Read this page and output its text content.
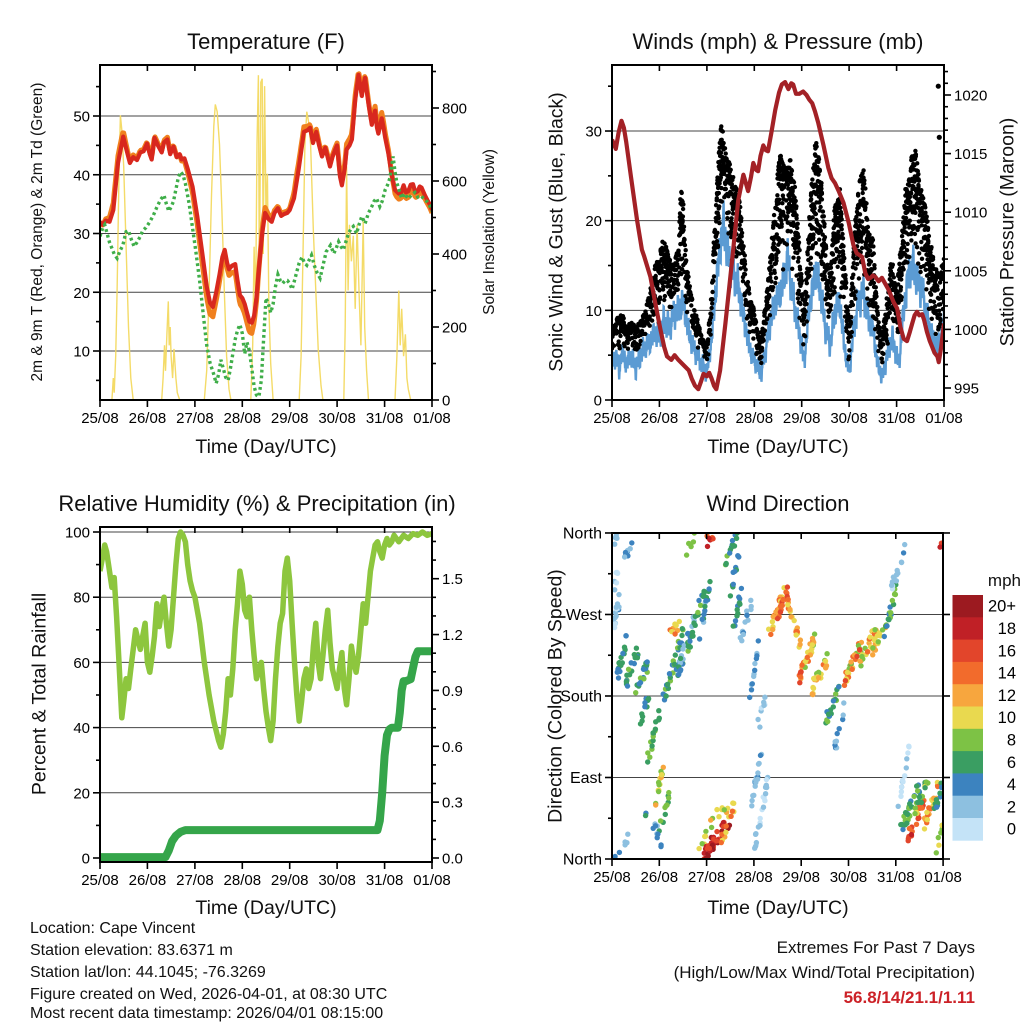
25/08 26/08 27/08 28/08 29/08 30/08 31/08 01/08
10
20
30
40
50
0
200
400
600
800
25/08 26/08 27/08 28/08 29/08 30/08 31/08 01/08
0
10
20
30
995
1000
1005
1010
1015
1020
25/08 26/08 27/08 28/08 29/08 30/08 31/08 01/08
0
20
40
60
80
100
0.0
0.3
0.6
0.9
1.2
1.5
25/08 26/08 27/08 28/08 29/08 30/08 31/08 01/08
North
East
South
West
North
20+
18
16
14
12
10
8
6
4
2
0
Temperature (F)	Winds (mph) & Pressure (mb)
Relative Humidity (%) & Precipitation (in)	Wind Direction
Time (Day/UTC)	Time (Day/UTC)
Time (Day/UTC)	Time (Day/UTC)
2m & 9m T (Red, Orange) & 2m Td (Green)	Solar Insolation (Yellow) Sonic Wind & Gust (Blue, Black)	Station Pressure (Maroon)
Percent & Total Rainfall	Direction (Colored By Speed)	mph
Location: Cape Vincent
Station elevation: 83.6371 m
Station lat/lon: 44.1045; -76.3269
Figure created on Wed, 2026-04-01, at 08:30 UTC
Most recent data timestamp: 2026/04/01 08:15:00
Extremes For Past 7 Days
(High/Low/Max Wind/Total Precipitation)
56.8/14/21.1/1.11
